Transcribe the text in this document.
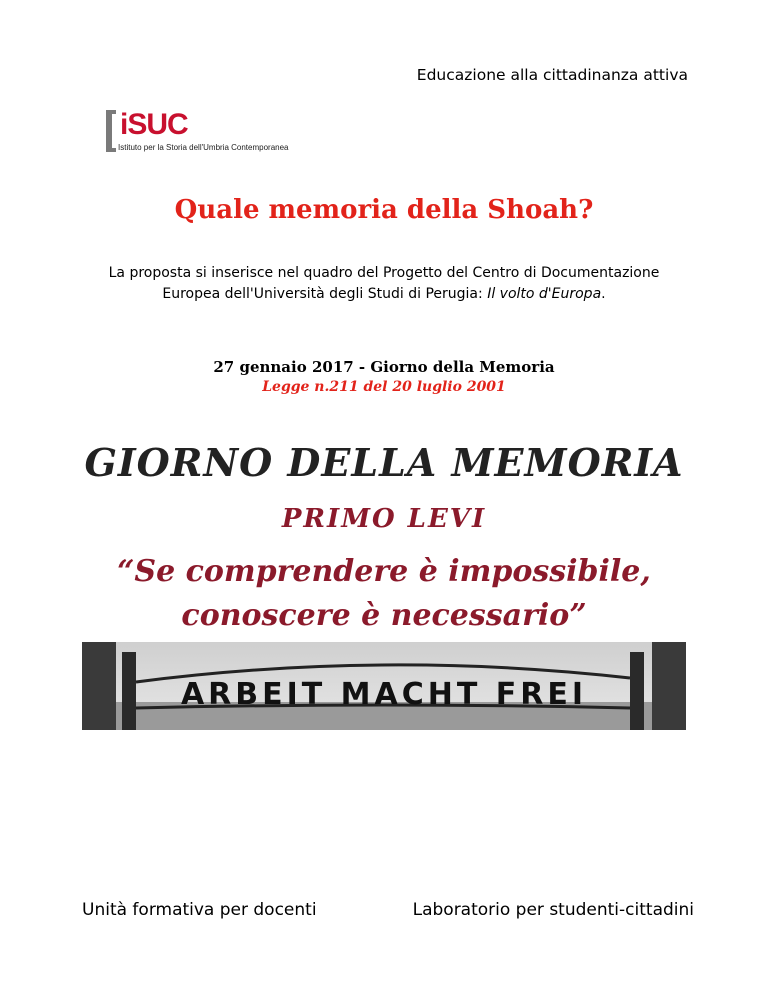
Educazione alla cittadinanza attiva
iSUC
Istituto per la Storia dell'Umbria Contemporanea
Quale memoria della Shoah?
La proposta si inserisce nel quadro del Progetto del Centro di Documentazione
Europea dell'Università degli Studi di Perugia: Il volto d'Europa.
27 gennaio 2017 - Giorno della Memoria
Legge n.211 del 20 luglio 2001
GIORNO DELLA MEMORIA
PRIMO LEVI
“Se comprendere è impossibile,
conoscere è necessario”
ARBEIT MACHT FREI
Unità formativa per docenti	Laboratorio per studenti-cittadini
